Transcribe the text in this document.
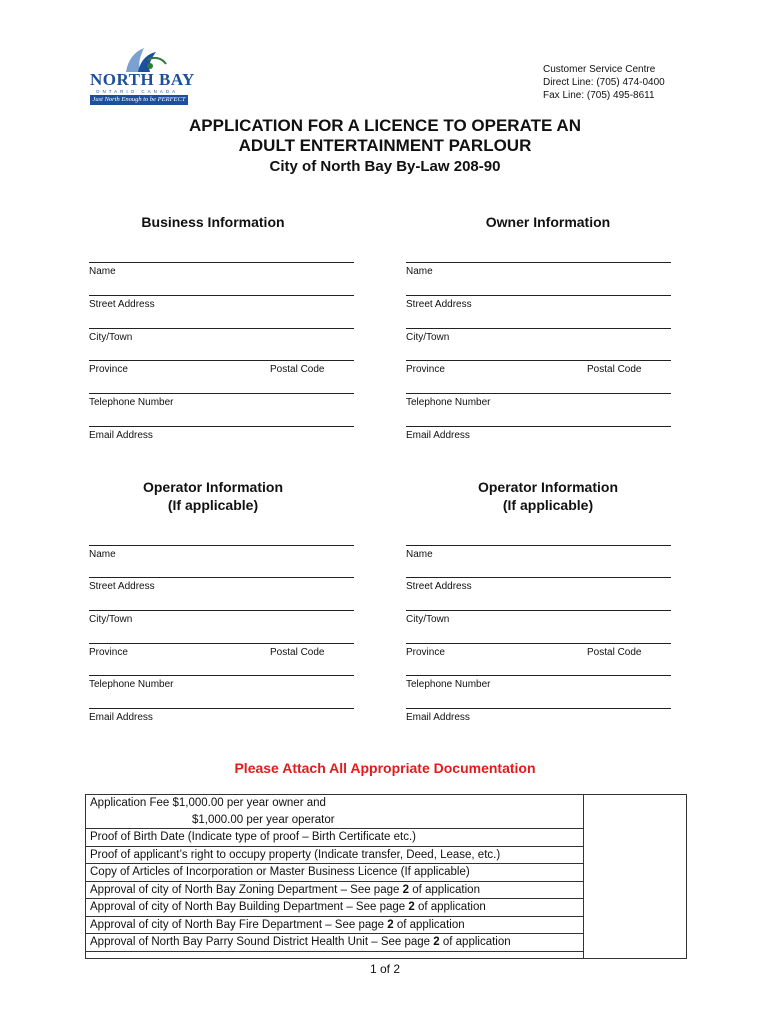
NORTH BAY
ONTARIO CANADA
Just North Enough to be PERFECT
Customer Service Centre
Direct Line: (705) 474-0400
Fax Line: (705) 495-8611
APPLICATION FOR A LICENCE TO OPERATE AN
ADULT ENTERTAINMENT PARLOUR
City of North Bay By-Law 208-90
Business Information	Owner Information
Name
Street Address
City/Town
Province	Postal Code
Telephone Number
Email Address
Name
Street Address
City/Town
Province	Postal Code
Telephone Number
Email Address
Operator Information
(If applicable)
Operator Information
(If applicable)
Name
Street Address
City/Town
Province	Postal Code
Telephone Number
Email Address
Name
Street Address
City/Town
Province	Postal Code
Telephone Number
Email Address
Please Attach All Appropriate Documentation
Application Fee $1,000.00 per year owner and
$1,000.00 per year operator

Proof of Birth Date (Indicate type of proof – Birth Certificate etc.)
Proof of applicant’s right to occupy property (Indicate transfer, Deed, Lease, etc.)
Copy of Articles of Incorporation or Master Business Licence (If applicable)
Approval of city of North Bay Zoning Department – See page 2 of application
Approval of city of North Bay Building Department – See page 2 of application
Approval of city of North Bay Fire Department – See page 2 of application
Approval of North Bay Parry Sound District Health Unit – See page 2 of application

1 of 2
